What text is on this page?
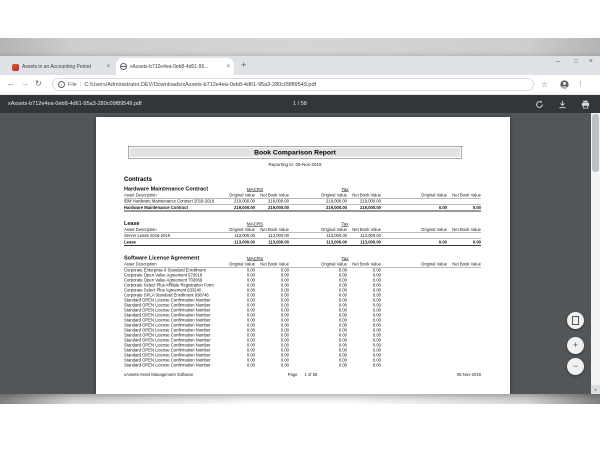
Assets in an Accounting Period	×	xAssets-b712e4ea-0eb8-4d61-95...	× +	– □ ×
← → ↻	i	File | C:/Users/Administrator.DEV/Downloads/xAssets-b712e4ea-0eb8-4d61-95a3-280c09f89549.pdf	☆	⋮
xAssets-b712e4ea-0eb8-4d61-95a3-280c09f89549.pdf	1 / 58
Book Comparison Report
Reporting to: 05-Nov-2019
Contracts
Hardware Maintenance Contract	MACRS	Tax
Asset Description	Original Value Net Book Value	Original Value Net Book Value	Original Value Net Book Value
IBM Hardware Maintenance Contract 2018-2019	219,000.00	219,000.00	219,000.00	219,000.00
Hardware Maintenance Contract	219,000.00	219,000.00	219,000.00	219,000.00	0.00	0.00
Lease	MACRS	Tax
Asset Description	Original Value Net Book Value	Original Value Net Book Value	Original Value Net Book Value
Server Lease 2018-2019	113,000.00	113,000.00	113,000.00	113,000.00
Lease	113,000.00	113,000.00	113,000.00	113,000.00	0.00	0.00
Software License Agreement	MACRS	Tax
Asset Description	Original Value Net Book Value	Original Value Net Book Value	Original Value Net Book Value
Corporate Enterprise 6 Standard Enrollment	0.00	0.00	0.00	0.00
Corporate Open Value Agreement 570019	0.00	0.00	0.00	0.00
Corporate Open Value Agreement 702066	0.00	0.00	0.00	0.00
Corporate Select Plus Affiliate Registration Form	0.00	0.00	0.00	0.00
Corporate Select Plus Agreement 633240	0.00	0.00	0.00	0.00
Corporate SPLA Standard Enrollment 938746	0.00	0.00	0.00	0.00
Standard OPEN License Confirmation Number	0.00	0.00	0.00	0.00
Standard OPEN License Confirmation Number	0.00	0.00	0.00	0.00
Standard OPEN License Confirmation Number	0.00	0.00	0.00	0.00
Standard OPEN License Confirmation Number	0.00	0.00	0.00	0.00
Standard OPEN License Confirmation Number	0.00	0.00	0.00	0.00
Standard OPEN License Confirmation Number	0.00	0.00	0.00	0.00
Standard OPEN License Confirmation Number	0.00	0.00	0.00	0.00
Standard OPEN License Confirmation Number	0.00	0.00	0.00	0.00
Standard OPEN License Confirmation Number	0.00	0.00	0.00	0.00
Standard OPEN License Confirmation Number	0.00	0.00	0.00	0.00
Standard OPEN License Confirmation Number	0.00	0.00	0.00	0.00
Standard OPEN License Confirmation Number	0.00	0.00	0.00	0.00
Standard OPEN License Confirmation Number	0.00	0.00	0.00	0.00
Standard OPEN License Confirmation Number	0.00	0.00	0.00	0.00
xAssets Asset Management Software	Page 1 of 58	05-Nov-2019
+
−
▾
